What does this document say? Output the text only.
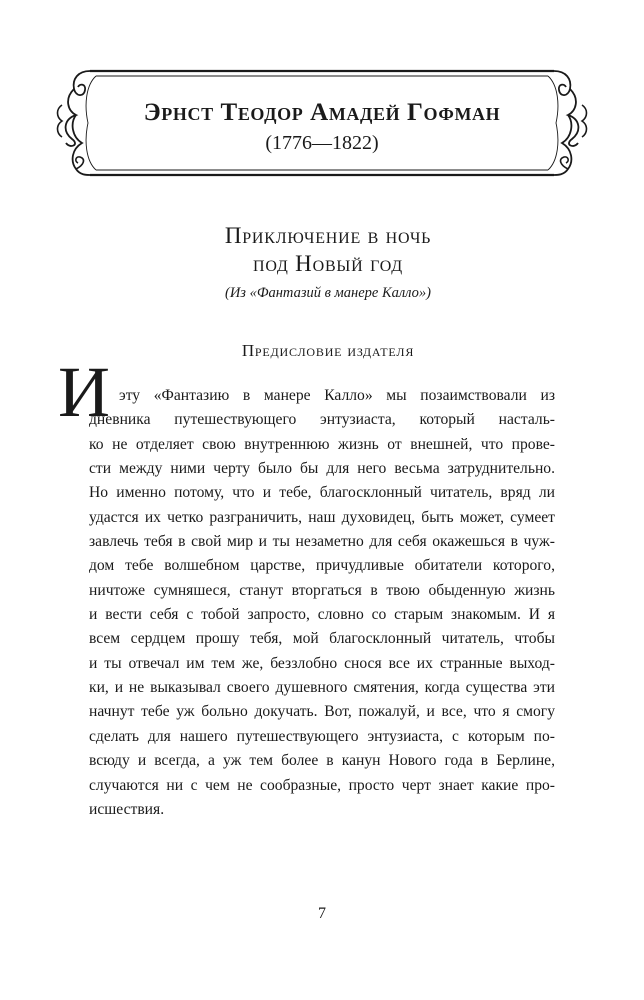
Эрнст Теодор Амадей Гофман
(1776—1822)
Приключение в ночь
под Новый год
(Из «Фантазий в манере Калло»)
Предисловие издателя
И эту «Фантазию в манере Калло» мы позаимствовали из
дневника путешествующего энтузиаста, который насталь-
ко не отделяет свою внутреннюю жизнь от внешней, что прове-
сти между ними черту было бы для него весьма затруднительно.
Но именно потому, что и тебе, благосклонный читатель, вряд ли
удастся их четко разграничить, наш духовидец, быть может, сумеет
завлечь тебя в свой мир и ты незаметно для себя окажешься в чуж-
дом тебе волшебном царстве, причудливые обитатели которого,
ничтоже сумняшеся, станут вторгаться в твою обыденную жизнь
и вести себя с тобой запросто, словно со старым знакомым. И я
всем сердцем прошу тебя, мой благосклонный читатель, чтобы
и ты отвечал им тем же, беззлобно снося все их странные выход-
ки, и не выказывал своего душевного смятения, когда существа эти
начнут тебе уж больно докучать. Вот, пожалуй, и все, что я смогу
сделать для нашего путешествующего энтузиаста, с которым по-
всюду и всегда, а уж тем более в канун Нового года в Берлине,
случаются ни с чем не сообразные, просто черт знает какие про-
исшествия.
7
